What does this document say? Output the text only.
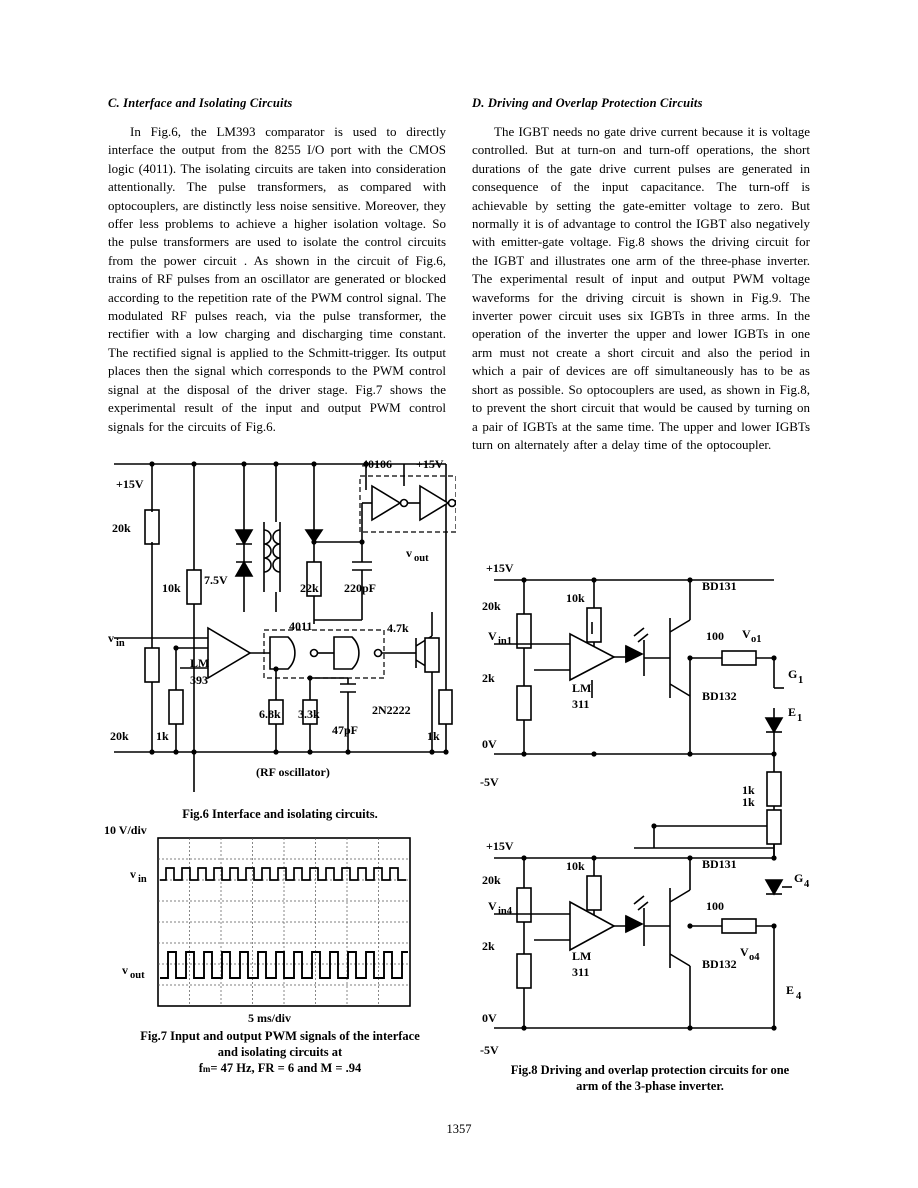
C. Interface and Isolating Circuits

In Fig.6, the LM393 comparator is used to directly interface the output from the 8255 I/O port with the CMOS logic (4011). The isolating circuits are taken into consideration attentionally. The pulse transformers, as compared with optocouplers, are distinctly less noise sensitive. Moreover, they offer less problems to achieve a higher isolation voltage. So the pulse transformers are used to isolate the control circuits from the power circuit . As shown in the circuit of Fig.6, trains of RF pulses from an oscillator are generated or blocked according to the repetition rate of the PWM control signal. The modulated RF pulses reach, via the pulse transformer, the rectifier with a low charging and discharging time constant. The rectified signal is applied to the Schmitt-trigger. Its output places then the signal which corresponds to the PWM control signal at the disposal of the driver stage. Fig.7 shows the experimental result of the input and output PWM control signals for the circuits of Fig.6.

D. Driving and Overlap Protection Circuits

The IGBT needs no gate drive current because it is voltage controlled. But at turn-on and turn-off operations, the short durations of the gate drive current pulses are generated in consequence of the input capacitance. The turn-off is achievable by setting the gate-emitter voltage to zero. But normally it is of advantage to control the IGBT also negatively with emitter-gate voltage. Fig.8 shows the driving circuit for the IGBT and illustrates one arm of the three-phase inverter. The experimental result of input and output PWM voltage waveforms for the driving circuit is shown in Fig.9. The inverter power circuit uses six IGBTs in three arms. In the operation of the inverter the upper and lower IGBTs in one arm must not create a short circuit and also the period in which a pair of devices are off simultaneously has to be as short as possible. So optocouplers are used, as shown in Fig.8, to prevent the short circuit that would be caused by turning on a pair of IGBTs at the same time. The upper and lower IGBTs turn on alternately after a delay time of the optocoupler.

+15V
20k
10k
20k 1k
LM
393
7.5V
22k 220pF
40106 +15V
4011
6.8k 3.3k
47pF
2N2222
4.7k
1k
(RF oscillator)
v in
v out
Fig.6 Interface and isolating circuits.
10 V/div
v in
v out
5 ms/div
Fig.7 Input and output PWM signals of the interface
and isolating circuits at
fm= 47 Hz, FR = 6 and M = .94
+15V
20k
10k
2k
0V
-5V
LM
311
V in1
BD131
BD132
100 V o1
G 1
E 1
1k
+15V
20k
10k
2k
0V
-5V
LM
311
V in4
BD131
BD132
100
V o4
G 4
E 4
1k
Fig.8 Driving and overlap protection circuits for one
arm of the 3-phase inverter.
1357
